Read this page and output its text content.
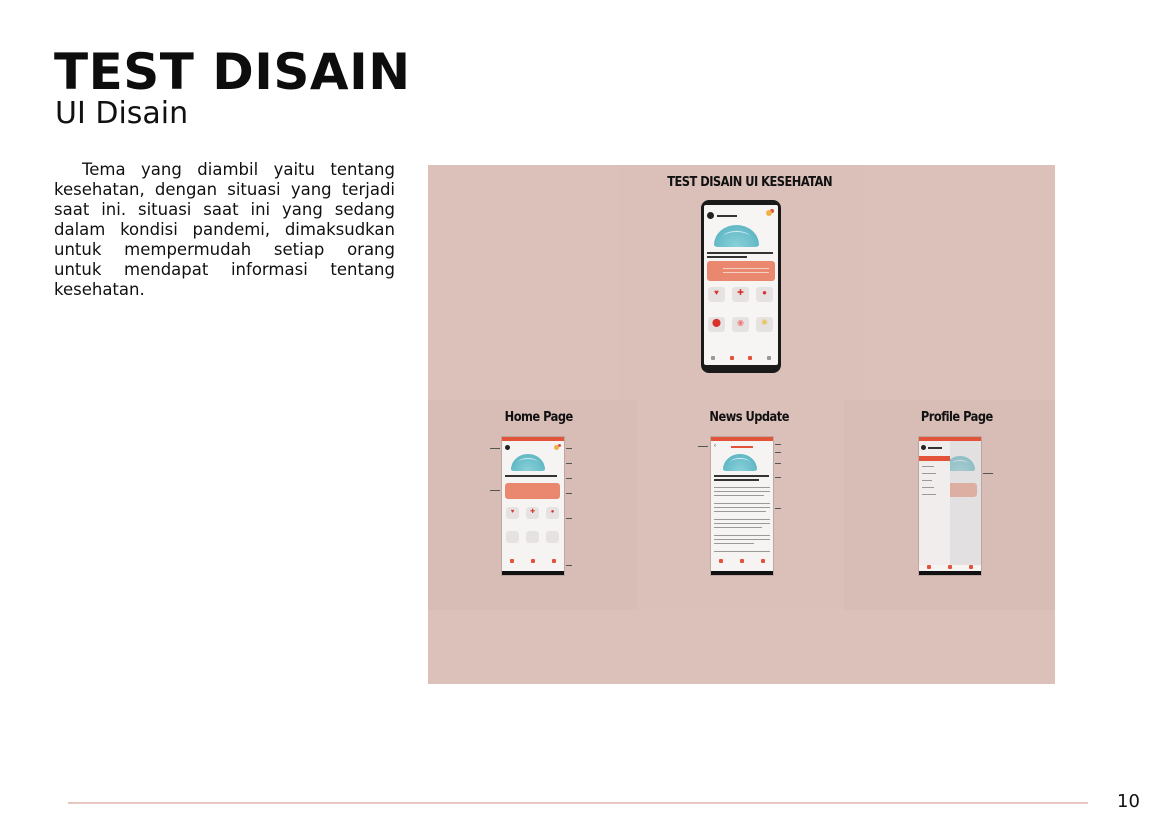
TEST DISAIN
UI Disain

Tema yang diambil yaitu tentang kesehatan, dengan situasi yang terjadi saat ini. situasi saat ini yang sedang dalam kondisi pandemi, dimaksudkan untuk mempermudah setiap orang untuk mendapat informasi tentang kesehatan.

TEST DISAIN UI KESEHATAN
♥ ✚ ●
⬤ ◉ ✺
Home Page
♥	✚	●
News Update
‹
Profile Page
10
